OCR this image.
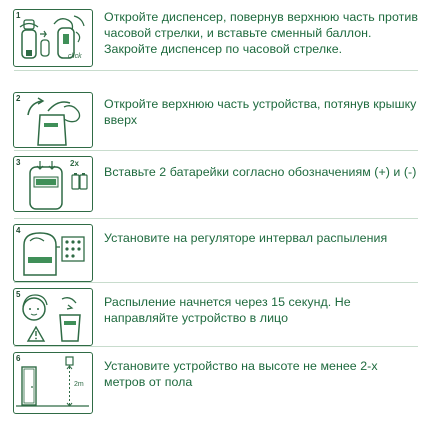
1
click
Откройте диспенсер, повернув верхнюю часть против часовой стрелки, и вставьте сменный баллон. Закройте диспенсер по часовой стрелке.
2	Откройте верхнюю часть устройства, потянув крышку вверх
3	2x
Вставьте 2 батарейки согласно обозначениям (+) и (-)
4
Установите на регуляторе интервал распыления
5
Распыление начнется через 15 секунд. Не направляйте устройство в лицо
6
2m
Установите устройство на высоте не менее 2-х метров от пола
